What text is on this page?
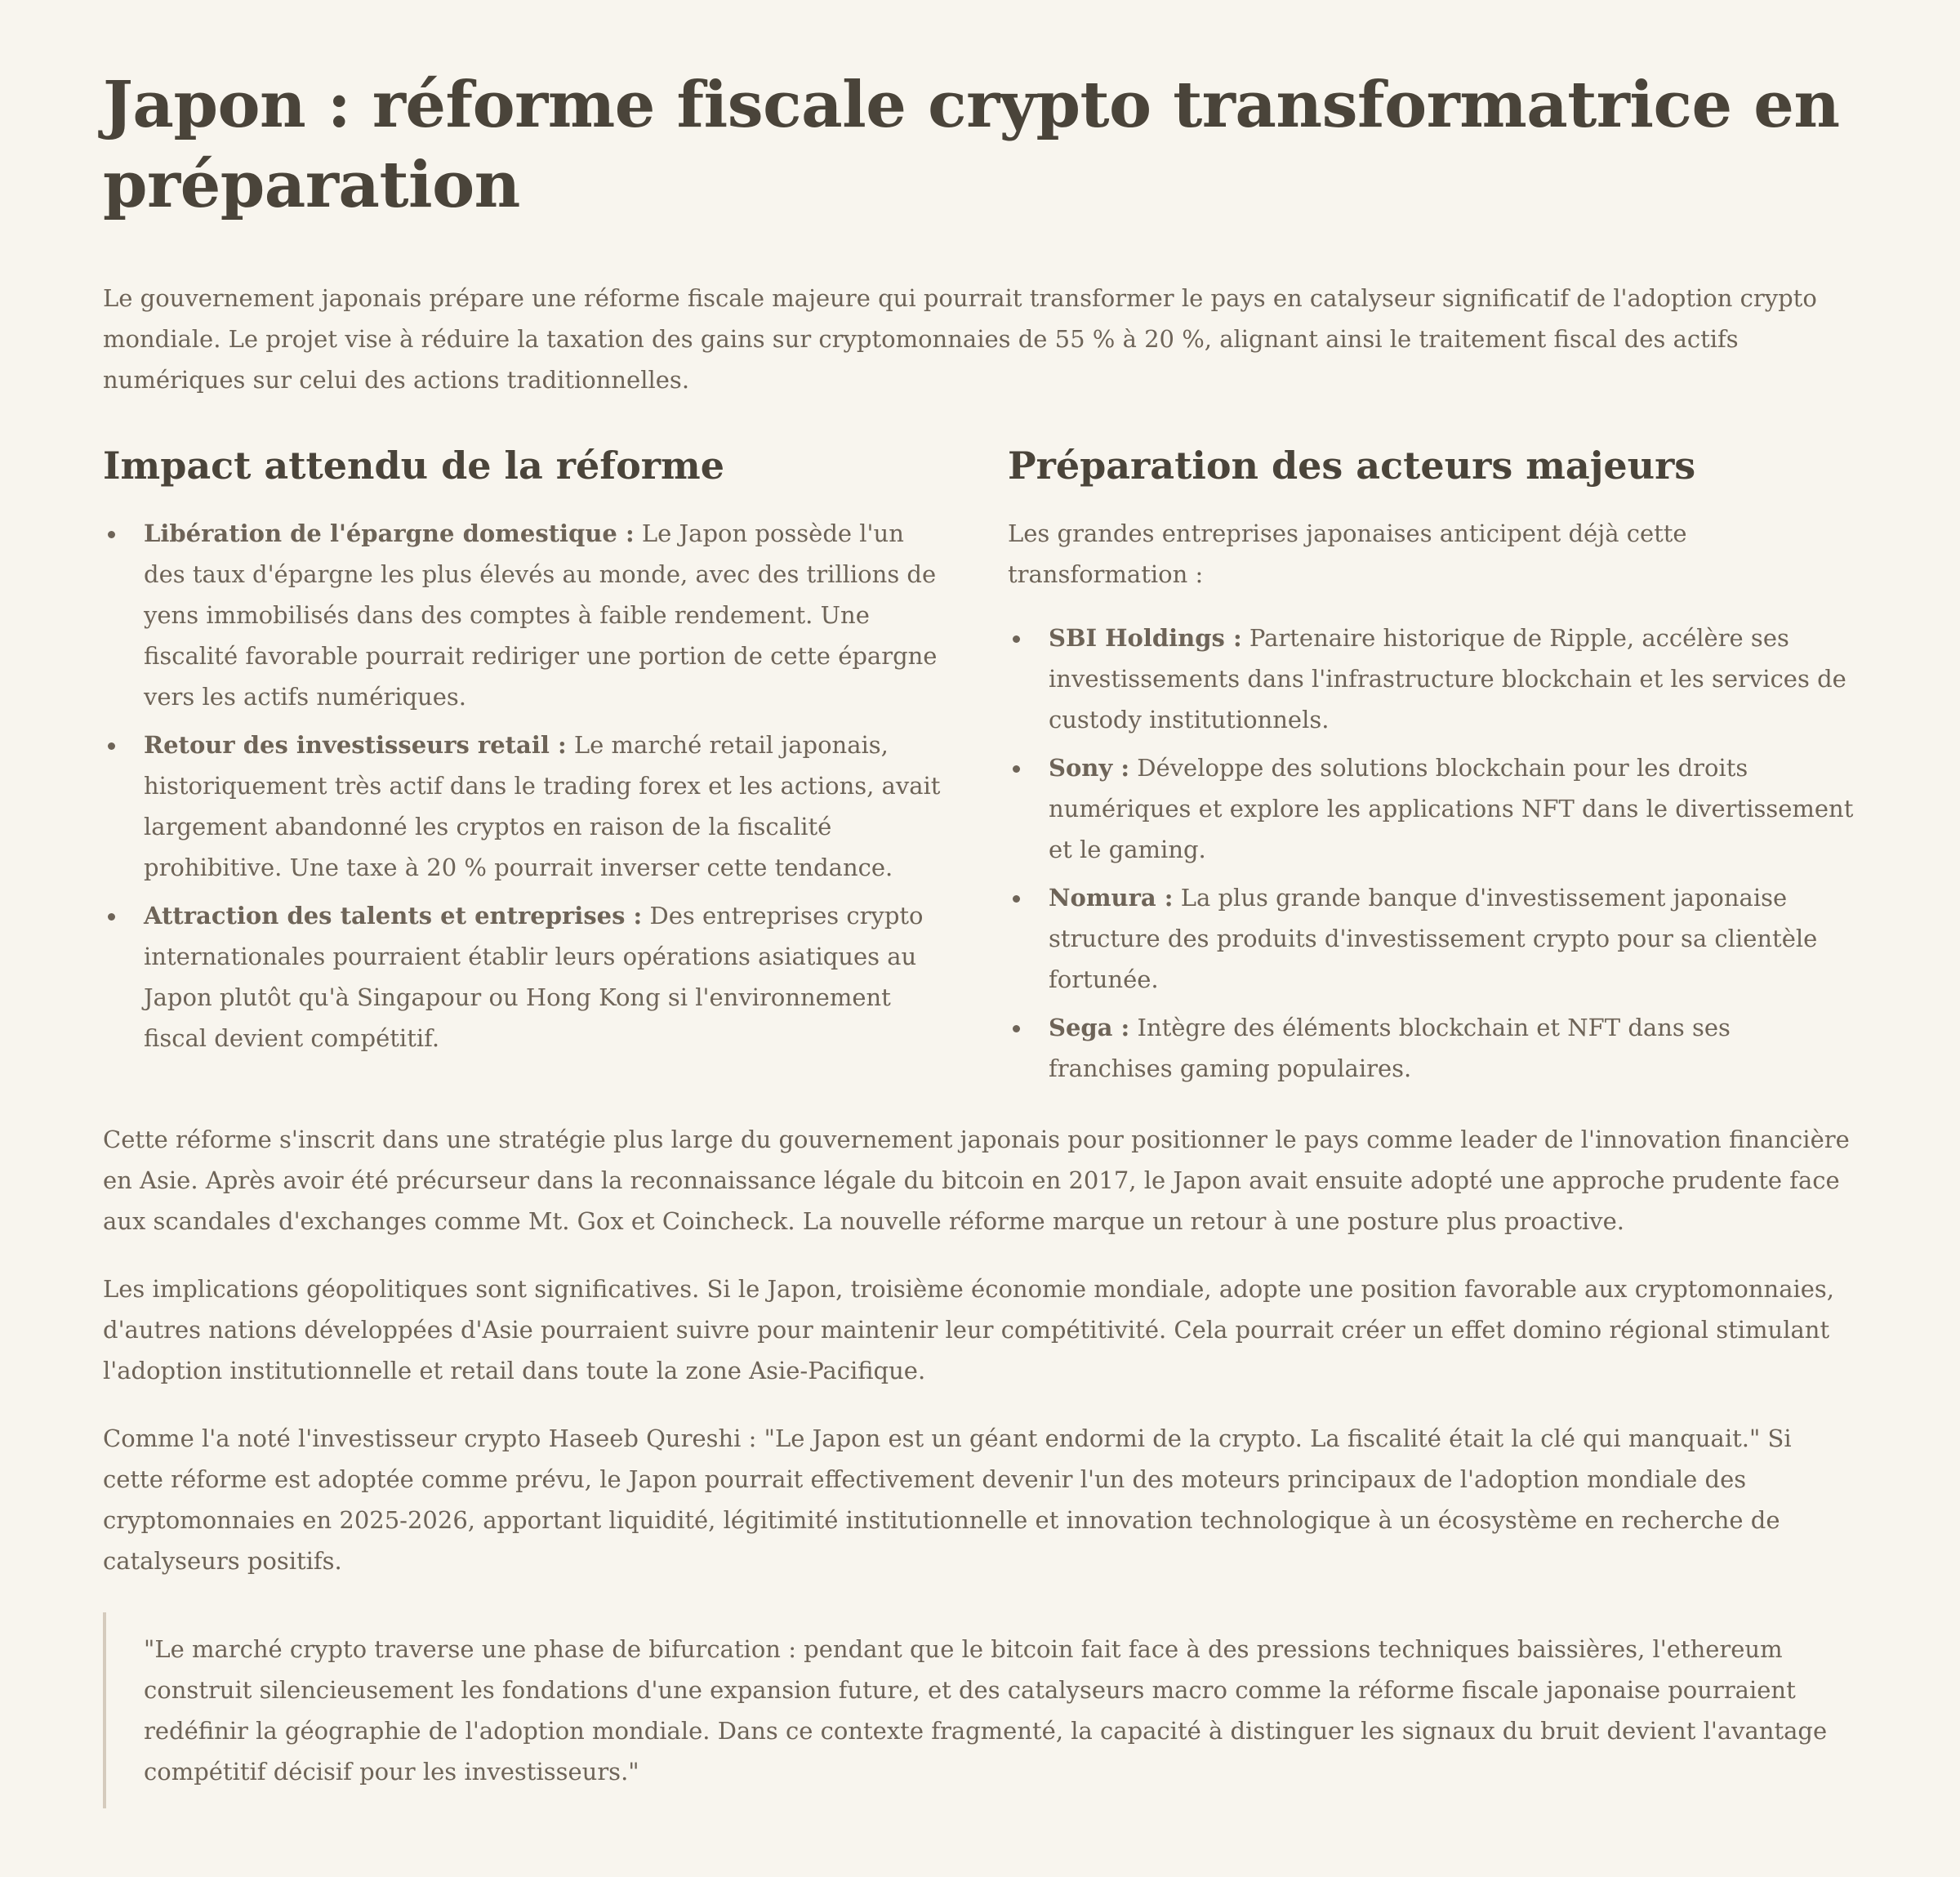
Japon : réforme fiscale crypto transformatrice en préparation

Le gouvernement japonais prépare une réforme fiscale majeure qui pourrait transformer le pays en catalyseur significatif de l'adoption crypto mondiale. Le projet vise à réduire la taxation des gains sur cryptomonnaies de 55 % à 20 %, alignant ainsi le traitement fiscal des actifs numériques sur celui des actions traditionnelles.

Impact attendu de la réforme
Libération de l'épargne domestique : Le Japon possède l'un des taux d'épargne les plus élevés au monde, avec des trillions de yens immobilisés dans des comptes à faible rendement. Une fiscalité favorable pourrait rediriger une portion de cette épargne vers les actifs numériques.
Retour des investisseurs retail : Le marché retail japonais, historiquement très actif dans le trading forex et les actions, avait largement abandonné les cryptos en raison de la fiscalité prohibitive. Une taxe à 20 % pourrait inverser cette tendance.
Attraction des talents et entreprises : Des entreprises crypto internationales pourraient établir leurs opérations asiatiques au Japon plutôt qu'à Singapour ou Hong Kong si l'environnement fiscal devient compétitif.
Préparation des acteurs majeurs

Les grandes entreprises japonaises anticipent déjà cette transformation :

SBI Holdings : Partenaire historique de Ripple, accélère ses investissements dans l'infrastructure blockchain et les services de custody institutionnels.
Sony : Développe des solutions blockchain pour les droits numériques et explore les applications NFT dans le divertissement et le gaming.
Nomura : La plus grande banque d'investissement japonaise structure des produits d'investissement crypto pour sa clientèle fortunée.
Sega : Intègre des éléments blockchain et NFT dans ses franchises gaming populaires.

Cette réforme s'inscrit dans une stratégie plus large du gouvernement japonais pour positionner le pays comme leader de l'innovation financière en Asie. Après avoir été précurseur dans la reconnaissance légale du bitcoin en 2017, le Japon avait ensuite adopté une approche prudente face aux scandales d'exchanges comme Mt. Gox et Coincheck. La nouvelle réforme marque un retour à une posture plus proactive.

Les implications géopolitiques sont significatives. Si le Japon, troisième économie mondiale, adopte une position favorable aux cryptomonnaies, d'autres nations développées d'Asie pourraient suivre pour maintenir leur compétitivité. Cela pourrait créer un effet domino régional stimulant l'adoption institutionnelle et retail dans toute la zone Asie-Pacifique.

Comme l'a noté l'investisseur crypto Haseeb Qureshi : "Le Japon est un géant endormi de la crypto. La fiscalité était la clé qui manquait." Si cette réforme est adoptée comme prévu, le Japon pourrait effectivement devenir l'un des moteurs principaux de l'adoption mondiale des cryptomonnaies en 2025-2026, apportant liquidité, légitimité institutionnelle et innovation technologique à un écosystème en recherche de catalyseurs positifs.

"Le marché crypto traverse une phase de bifurcation : pendant que le bitcoin fait face à des pressions techniques baissières, l'ethereum construit silencieusement les fondations d'une expansion future, et des catalyseurs macro comme la réforme fiscale japonaise pourraient redéfinir la géographie de l'adoption mondiale. Dans ce contexte fragmenté, la capacité à distinguer les signaux du bruit devient l'avantage compétitif décisif pour les investisseurs."
